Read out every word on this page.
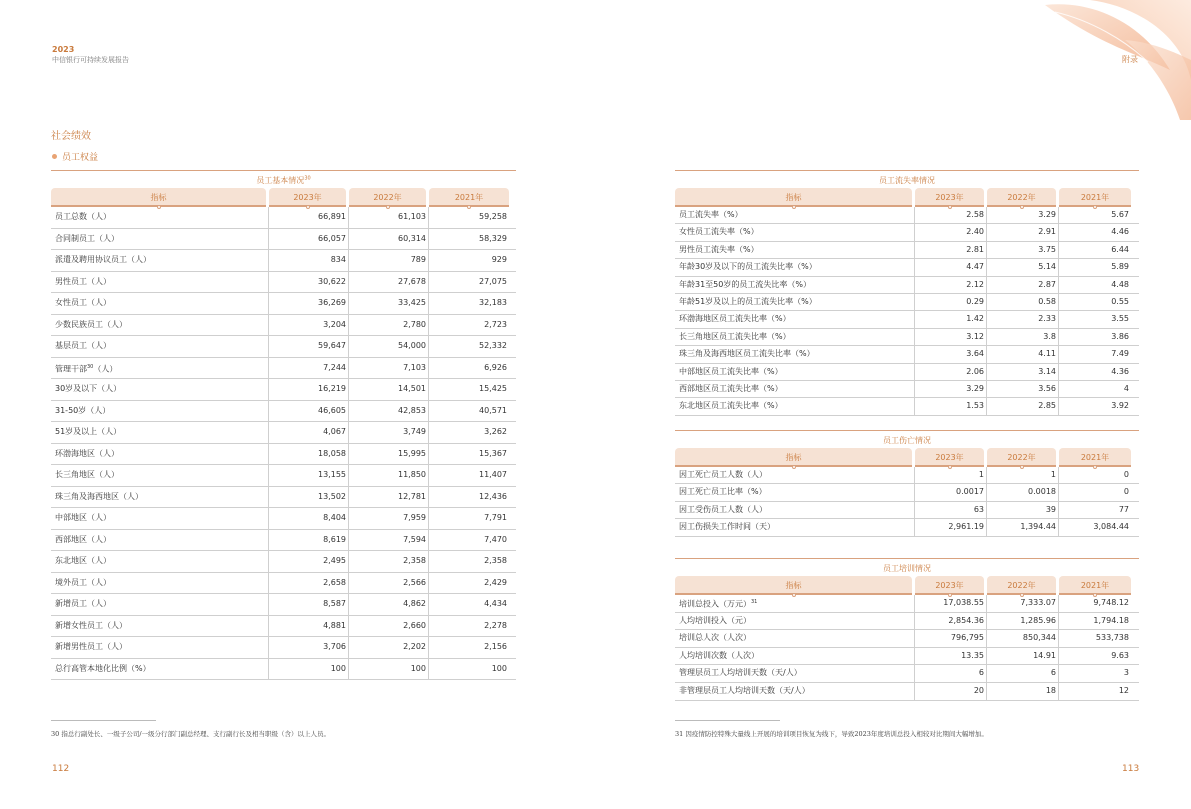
2023
中信银行可持续发展报告	附录
社会绩效
员工权益
员工基本情况$^{30}$
指标	2023年	2022年	2021年
员工总数（人）	66,891	61,103	59,258
合同制员工（人）	66,057	60,314	58,329
派遣及聘用协议员工（人）	834	789	929
男性员工（人）	30,622	27,678	27,075
女性员工（人）	36,269	33,425	32,183
少数民族员工（人）	3,204	2,780	2,723
基层员工（人）	59,647	54,000	52,332
管理干部$^{30}$（人）	7,244	7,103	6,926
30岁及以下（人）	16,219	14,501	15,425
31-50岁（人）	46,605	42,853	40,571
51岁及以上（人）	4,067	3,749	3,262
环渤海地区（人）	18,058	15,995	15,367
长三角地区（人）	13,155	11,850	11,407
珠三角及海西地区（人）	13,502	12,781	12,436
中部地区（人）	8,404	7,959	7,791
西部地区（人）	8,619	7,594	7,470
东北地区（人）	2,495	2,358	2,358
境外员工（人）	2,658	2,566	2,429
新增员工（人）	8,587	4,862	4,434
新增女性员工（人）	4,881	2,660	2,278
新增男性员工（人）	3,706	2,202	2,156
总行高管本地化比例（%）	100	100	100
员工流失率情况
指标	2023年	2022年	2021年
员工流失率（%）	2.58	3.29	5.67
女性员工流失率（%）	2.40	2.91	4.46
男性员工流失率（%）	2.81	3.75	6.44
年龄30岁及以下的员工流失比率（%）	4.47	5.14	5.89
年龄31至50岁的员工流失比率（%）	2.12	2.87	4.48
年龄51岁及以上的员工流失比率（%）	0.29	0.58	0.55
环渤海地区员工流失比率（%）	1.42	2.33	3.55
长三角地区员工流失比率（%）	3.12	3.8	3.86
珠三角及海西地区员工流失比率（%）	3.64	4.11	7.49
中部地区员工流失比率（%）	2.06	3.14	4.36
西部地区员工流失比率（%）	3.29	3.56	4
东北地区员工流失比率（%）	1.53	2.85	3.92
员工伤亡情况
指标	2023年	2022年	2021年
因工死亡员工人数（人）	1	1	0
因工死亡员工比率（%）	0.0017	0.0018	0
因工受伤员工人数（人）	63	39	77
因工伤损失工作时间（天）	2,961.19	1,394.44	3,084.44
员工培训情况
指标	2023年	2022年	2021年
培训总投入（万元）$^{31}$	17,038.55	7,333.07	9,748.12
人均培训投入（元）	2,854.36	1,285.96	1,794.18
培训总人次（人次）	796,795	850,344	533,738
人均培训次数（人次）	13.35	14.91	9.63
管理层员工人均培训天数（天/人）	6	6	3
非管理层员工人均培训天数（天/人）	20	18	12
30 指总行副处长、一级子公司/一级分行部门副总经理、支行副行长及相当职级（含）以上人员。	31 因疫情防控特殊大量线上开展的培训项目恢复为线下，导致2023年度培训总投入相较对比期间大幅增加。
112	113
